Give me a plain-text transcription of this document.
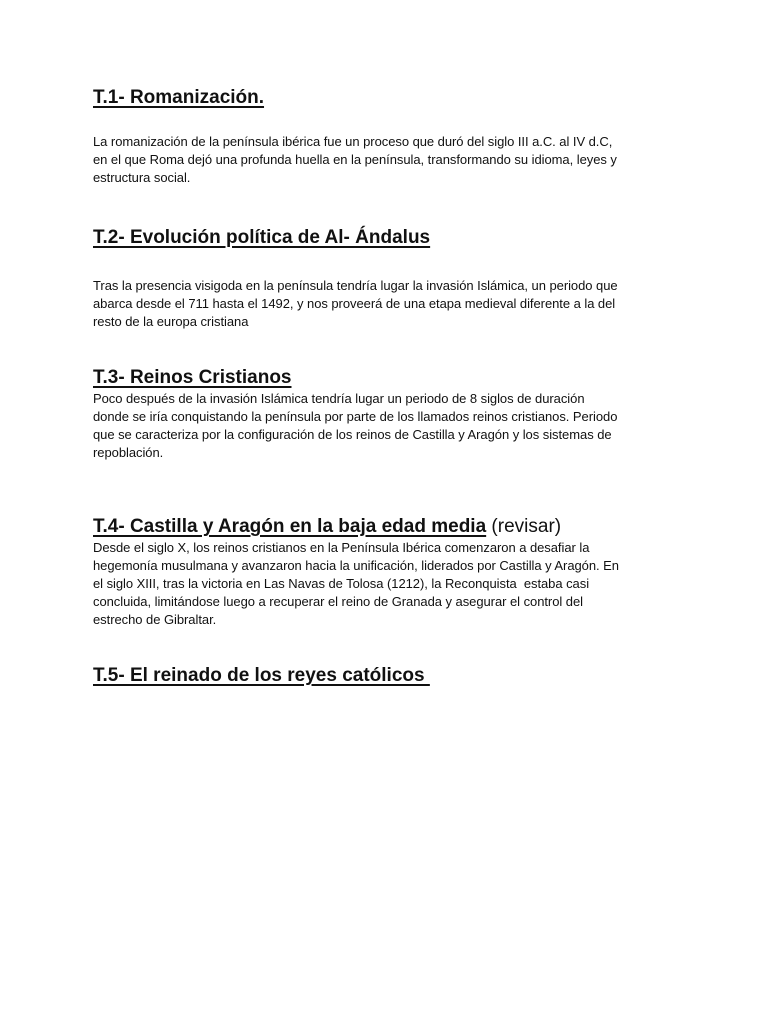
T.1- Romanización.

La romanización de la península ibérica fue un proceso que duró del siglo III a.C. al IV d.C,
en el que Roma dejó una profunda huella en la península, transformando su idioma, leyes y
estructura social.

T.2- Evolución política de Al- Ándalus

Tras la presencia visigoda en la península tendría lugar la invasión Islámica, un periodo que
abarca desde el 711 hasta el 1492, y nos proveerá de una etapa medieval diferente a la del
resto de la europa cristiana

T.3- Reinos Cristianos

Poco después de la invasión Islámica tendría lugar un periodo de 8 siglos de duración
donde se iría conquistando la península por parte de los llamados reinos cristianos. Periodo
que se caracteriza por la configuración de los reinos de Castilla y Aragón y los sistemas de
repoblación.

T.4- Castilla y Aragón en la baja edad media (revisar)

Desde el siglo X, los reinos cristianos en la Península Ibérica comenzaron a desafiar la
hegemonía musulmana y avanzaron hacia la unificación, liderados por Castilla y Aragón. En
el siglo XIII, tras la victoria en Las Navas de Tolosa (1212), la Reconquista  estaba casi
concluida, limitándose luego a recuperar el reino de Granada y asegurar el control del
estrecho de Gibraltar.

T.5- El reinado de los reyes católicos
